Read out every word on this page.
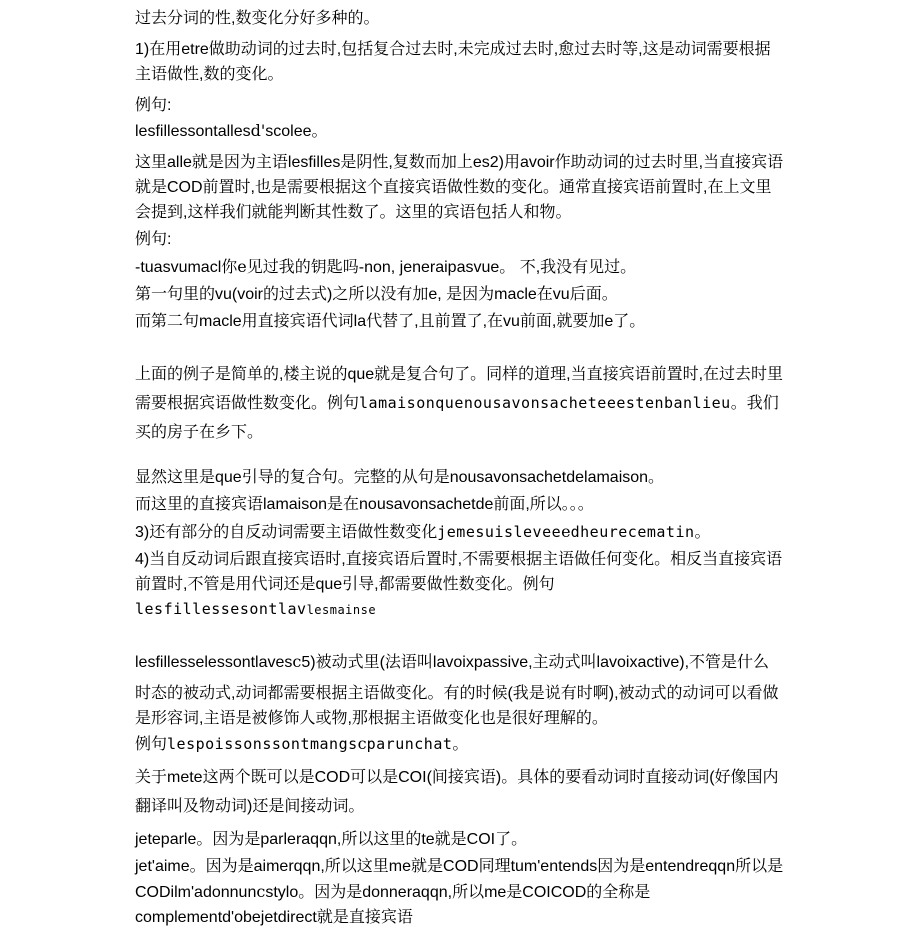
过去分词的性,数变化分好多种的。

1)在用etre做助动词的过去时,包括复合过去时,未完成过去时,愈过去时等,这是动词需要根据主语做性,数的变化。

例句:

lesfillessontallesd'scolee。

这里alle就是因为主语lesfilles是阴性,复数而加上es2)用avoir作助动词的过去时里,当直接宾语就是COD前置时,也是需要根据这个直接宾语做性数的变化。通常直接宾语前置时,在上文里会提到,这样我们就能判断其性数了。这里的宾语包括人和物。

例句:

-tuasvumacl你e见过我的钥匙吗-non, jeneraipasvue。 不,我没有见过。

第一句里的vu(voir的过去式)之所以没有加e, 是因为macle在vu后面。

而第二句macle用直接宾语代词la代替了,且前置了,在vu前面,就要加e了。

上面的例子是简单的,楼主说的que就是复合句了。同样的道理,当直接宾语前置时,在过去时里需要根据宾语做性数变化。例句lamaisonquenousavonsacheteeestenbanlieu。我们买的房子在乡下。

显然这里是que引导的复合句。完整的从句是nousavonsachetdelamaison。

而这里的直接宾语lamaison是在nousavonsachetde前面,所以。。。

3)还有部分的自反动词需要主语做性数变化jemesuisleveeedheurecematin。

4)当自反动词后跟直接宾语时,直接宾语后置时,不需要根据主语做任何变化。相反当直接宾语前置时,不管是用代词还是que引导,都需要做性数变化。例句lesfillessesontlavlesmainse

lesfillesselessontlavesc5)被动式里(法语叫lavoixpassive,主动式叫lavoixactive),不管是什么

时态的被动式,动词都需要根据主语做变化。有的时候(我是说有时啊),被动式的动词可以看做是形容词,主语是被修饰人或物,那根据主语做变化也是很好理解的。

例句lespoissonssontmangscparunchat。

关于mete这两个既可以是COD可以是COI(间接宾语)。具体的要看动词时直接动词(好像国内翻译叫及物动词)还是间接动词。

jeteparle。因为是parleraqqn,所以这里的te就是COI了。

jet'aime。因为是aimerqqn,所以这里me就是COD同理tum'entends因为是entendreqqn所以是CODilm'adonnuncstylo。因为是donneraqqn,所以me是COICOD的全称是complementd'obejetdirect就是直接宾语
